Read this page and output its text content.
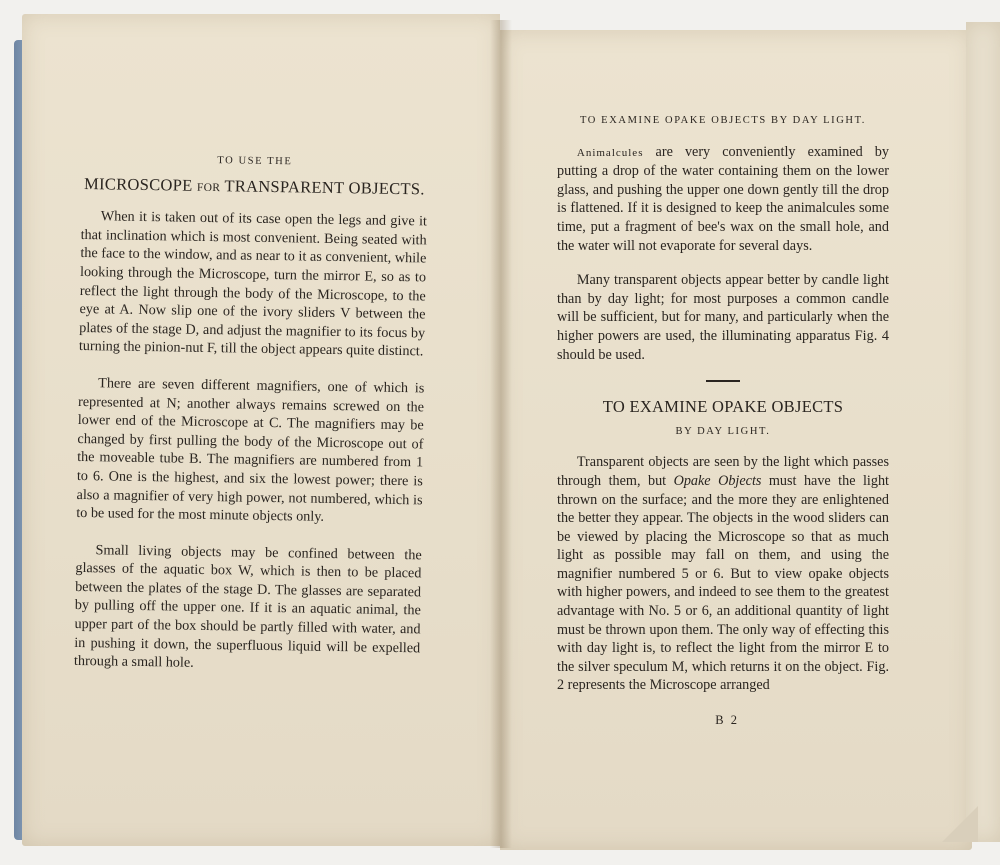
TO USE THE
MICROSCOPE FOR TRANSPARENT OBJECTS.

When it is taken out of its case open the legs and give it that inclination which is most convenient. Being seated with the face to the window, and as near to it as convenient, while looking through the Microscope, turn the mirror E, so as to reflect the light through the body of the Microscope, to the eye at A. Now slip one of the ivory sliders V between the plates of the stage D, and adjust the magnifier to its focus by turning the pinion-nut F, till the object appears quite distinct.

There are seven different magnifiers, one of which is represented at N; another always remains screwed on the lower end of the Microscope at C. The magnifiers may be changed by first pulling the body of the Microscope out of the moveable tube B. The magnifiers are numbered from 1 to 6. One is the highest, and six the lowest power; there is also a magnifier of very high power, not numbered, which is to be used for the most minute objects only.

Small living objects may be confined between the glasses of the aquatic box W, which is then to be placed between the plates of the stage D. The glasses are separated by pulling off the upper one. If it is an aquatic animal, the upper part of the box should be partly filled with water, and in pushing it down, the superfluous liquid will be expelled through a small hole.

TO EXAMINE OPAKE OBJECTS BY DAY LIGHT.

Animalcules are very conveniently examined by putting a drop of the water containing them on the lower glass, and pushing the upper one down gently till the drop is flattened. If it is designed to keep the animalcules some time, put a fragment of bee's wax on the small hole, and the water will not evaporate for several days.

Many transparent objects appear better by candle light than by day light; for most purposes a common candle will be sufficient, but for many, and particularly when the higher powers are used, the illuminating apparatus Fig. 4 should be used.

TO EXAMINE OPAKE OBJECTS
BY DAY LIGHT.

Transparent objects are seen by the light which passes through them, but Opake Objects must have the light thrown on the surface; and the more they are enlightened the better they appear. The objects in the wood sliders can be viewed by placing the Microscope so that as much light as possible may fall on them, and using the magnifier numbered 5 or 6. But to view opake objects with higher powers, and indeed to see them to the greatest advantage with No. 5 or 6, an additional quantity of light must be thrown upon them. The only way of effecting this with day light is, to reflect the light from the mirror E to the silver speculum M, which returns it on the object. Fig. 2 represents the Microscope arranged

B 2
